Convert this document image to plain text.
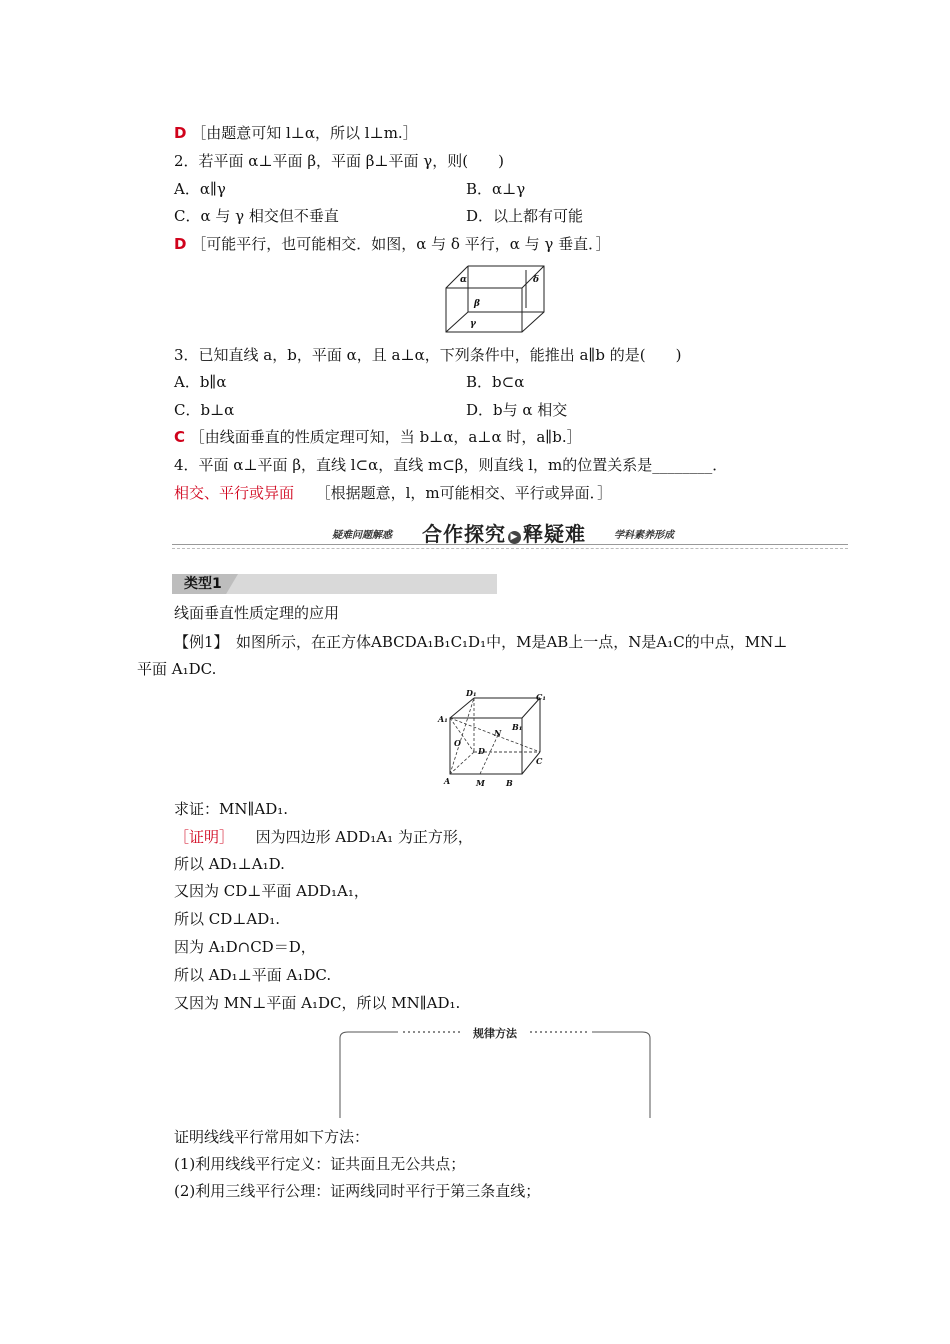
D ［由题意可知 l⊥α，所以 l⊥m.］
2．若平面 α⊥平面 β，平面 β⊥平面 γ，则(　　)
A．α∥γ	B．α⊥γ
C．α 与 γ 相交但不垂直	D．以上都有可能
D ［可能平行，也可能相交．如图，α 与 δ 平行，α 与 γ 垂直．］
α	δ
β
γ
3．已知直线 a，b，平面 α，且 a⊥α，下列条件中，能推出 a∥b 的是(　　)
A．b∥α	B．b⊂α
C．b⊥α	D．b与 α 相交
C ［由线面垂直的性质定理可知，当 b⊥α，a⊥α 时，a∥b.］
4．平面 α⊥平面 β，直线 l⊂α，直线 m⊂β，则直线 l，m的位置关系是________．
相交、平行或异面 ［根据题意，l，m可能相交、平行或异面．］
疑难问题解惑 合作探究 ▶ 释疑难	学科素养形成
类型1
线面垂直性质定理的应用
【例1】　如图所示，在正方体ABCDA₁B₁C₁D₁中，M是AB上一点，N是A₁C的中点，MN⊥
平面 A₁DC.
D₁	C₁
A₁
B₁
N
O
D
C
A	M	B
求证：MN∥AD₁.
［证明］ 因为四边形 ADD₁A₁ 为正方形，
所以 AD₁⊥A₁D.
又因为 CD⊥平面 ADD₁A₁，
所以 CD⊥AD₁.
因为 A₁D∩CD＝D，
所以 AD₁⊥平面 A₁DC.
又因为 MN⊥平面 A₁DC，所以 MN∥AD₁.
规律方法
证明线线平行常用如下方法：
(1)利用线线平行定义：证共面且无公共点；
(2)利用三线平行公理：证两线同时平行于第三条直线；
